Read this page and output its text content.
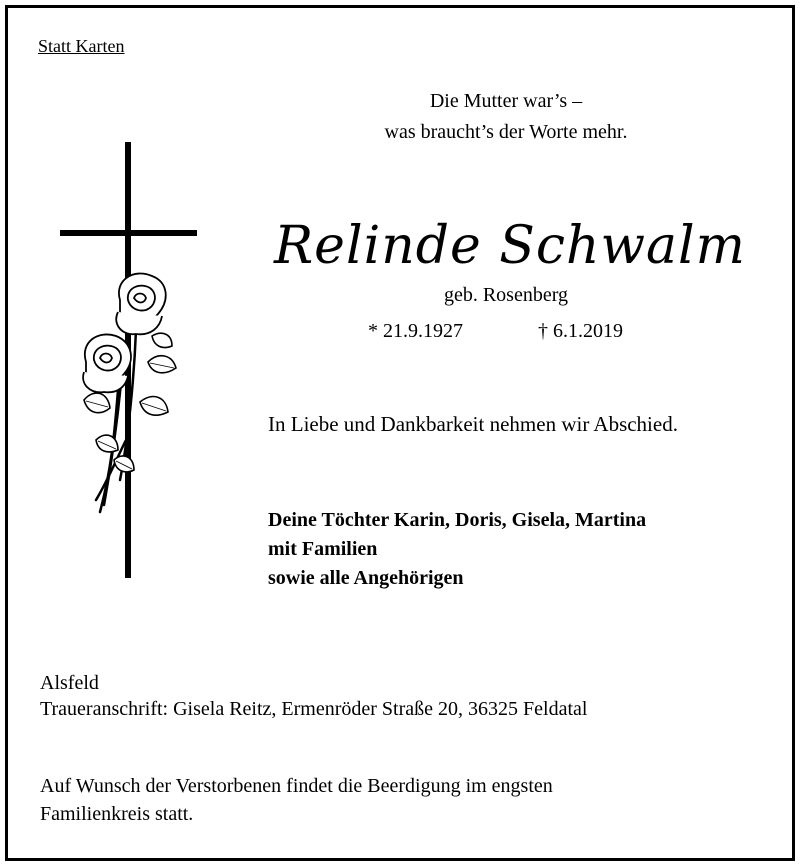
Statt Karten
Die Mutter war’s –
was braucht’s der Worte mehr.
Relinde Schwalm
geb. Rosenberg
* 21.9.1927	† 6.1.2019
In Liebe und Dankbarkeit nehmen wir Abschied.
Deine Töchter Karin, Doris, Gisela, Martina
mit Familien
sowie alle Angehörigen
Alsfeld
Traueranschrift: Gisela Reitz, Ermenröder Straße 20, 36325 Feldatal
Auf Wunsch der Verstorbenen findet die Beerdigung im engsten
Familienkreis statt.
